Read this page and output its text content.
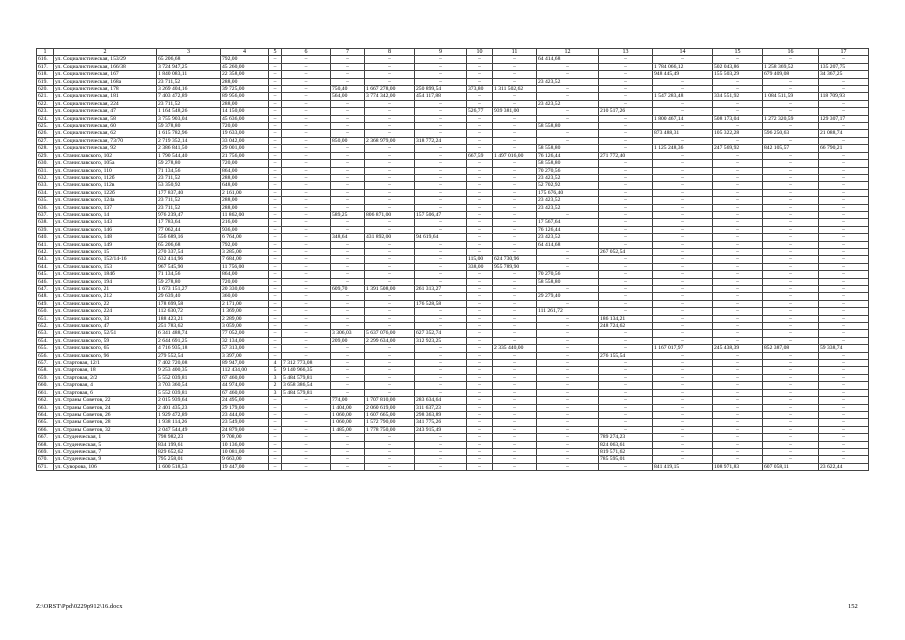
1	2	3	4	5	6	7	8	9	10	11	12	13	14	15	16	17
616.	ул. Социалистическая, 153/29	65 206,68	792,00	–	–	–	–	–	–	–	64 414,68	–	–	–	–	–
617.	ул. Социалистическая, 166/38	3 724 947,25	45 260,00	–	–	–	–	–	–	–	–	–	1 784 066,12	502 043,86	1 258 369,52	135 207,75
618.	ул. Социалистическая, 167	1 840 083,11	22 358,00	–	–	–	–	–	–	–	–	–	948 445,49	155 503,29	679 409,08	34 367,25
619.	ул. Социалистическая, 168а	23 711,52	288,00	–	–	–	–	–	–	–	23 423,52	–	–	–	–	–
620.	ул. Социалистическая, 178	3 269 404,16	39 725,00	–	–	750,40	1 667 278,00	250 899,54	373,80	1 311 502,62	–	–	–	–	–	–
621.	ул. Социалистическая, 181	7 403 472,89	89 956,00	–	–	564,00	3 774 342,00	454 117,88	–	–	–	–	1 547 283,48	334 551,92	1 084 511,59	118 709,93
622.	ул. Социалистическая, 224	23 711,52	288,00	–	–	–	–	–	–	–	23 423,52	–	–	–	–	–
623.	ул. Социалистическая, 47	1 164 548,26	14 150,00	–	–	–	–	–	526,77	939 381,00	–	210 517,26	–	–	–	–
624.	ул. Социалистическая, 58	3 755 903,04	45 636,00	–	–	–	–	–	–	–	–	–	1 800 467,14	508 173,04	1 272 320,59	129 307,17
625.	ул. Социалистическая, 60	59 378,80	720,00	–	–	–	–	–	–	–	58 558,80	–	–	–	–	–
626.	ул. Социалистическая, 62	1 615 782,96	19 633,00	–	–	–	–	–	–	–	–	–	873 488,31	105 322,28	596 250,63	21 088,74
627.	ул. Социалистическая, 73/70	2 719 352,14	33 042,00	–	–	850,00	2 368 979,00	318 772,24	–	–	–	–	–	–	–	–
628.	ул. Социалистическая, 92	2 386 841,50	29 001,00	–	–	–	–	–	–	–	58 558,80	–	1 125 248,36	247 569,92	842 105,57	66 790,21
629.	ул. Станиславского, 102	1 790 544,40	21 756,00	–	–	–	–	–	667,59	1 497 016,00	76 126,44	271 772,40	–	–	–	–
630.	ул. Станиславского, 105а	59 278,80	720,00	–	–	–	–	–	–	–	58 558,80	–	–	–	–	–
631.	ул. Станиславского, 110	71 134,56	864,00	–	–	–	–	–	–	–	70 270,56	–	–	–	–	–
632.	ул. Станиславского, 112б	23 711,52	288,00	–	–	–	–	–	–	–	23 423,52	–	–	–	–	–
633.	ул. Станиславского, 112в	53 350,92	648,00	–	–	–	–	–	–	–	52 702,92	–	–	–	–	–
634.	ул. Станиславского, 122б	177 837,40	2 161,00	–	–	–	–	–	–	–	175 676,40	–	–	–	–	–
635.	ул. Станиславского, 124а	23 711,52	288,00	–	–	–	–	–	–	–	23 423,52	–	–	–	–	–
636.	ул. Станиславского, 137	23 711,52	288,00	–	–	–	–	–	–	–	23 423,52	–	–	–	–	–
637.	ул. Станиславского, 14	976 239,47	11 862,00	–	–	589,25	806 871,00	157 506,47	–	–	–	–	–	–	–	–
638.	ул. Станиславского, 143	17 783,64	216,00	–	–	–	–	–	–	–	17 567,64	–	–	–	–	–
639.	ул. Станиславского, 146	77 062,44	936,00	–	–	–	–	–	–	–	76 126,44	–	–	–	–	–
640.	ул. Станиславского, 148	556 689,16	6 764,00	–	–	348,64	431 892,00	94 619,64	–	–	23 423,52	–	–	–	–	–
641.	ул. Станиславского, 149	65 206,68	792,00	–	–	–	–	–	–	–	64 414,68	–	–	–	–	–
642.	ул. Станиславского, 15	270 337,54	3 285,00	–	–	–	–	–	–	–	–	267 052,54	–	–	–	–
643.	ул. Станиславского, 152/14-16	632 414,96	7 684,00	–	–	–	–	–	115,00	624 730,96	–	–	–	–	–	–
644.	ул. Станиславского, 153	967 545,90	11 756,00	–	–	–	–	–	338,00	955 789,90	–	–	–	–	–	–
645.	ул. Станиславского, 184б	71 134,56	864,00	–	–	–	–	–	–	–	70 270,56	–	–	–	–	–
646.	ул. Станиславского, 194	59 278,80	720,00	–	–	–	–	–	–	–	58 558,80	–	–	–	–	–
647.	ул. Станиславского, 21	1 673 151,27	20 330,00	–	–	609,70	1 391 508,00	261 313,27	–	–	–	–	–	–	–	–
648.	ул. Станиславского, 212	29 639,40	360,00	–	–	–	–	–	–	–	29 279,40	–	–	–	–	–
649.	ул. Станиславского, 22	178 699,58	2 171,00	–	–	–	–	176 528,58	–	–	–	–	–	–	–	–
650.	ул. Станиславского, 224	112 630,72	1 369,00	–	–	–	–	–	–	–	111 261,72	–	–	–	–	–
651.	ул. Станиславского, 33	188 423,21	2 289,00	–	–	–	–	–	–	–	–	186 134,21	–	–	–	–
652.	ул. Станиславского, 47	251 783,62	3 059,00	–	–	–	–	–	–	–	–	248 724,62	–	–	–	–
653.	ул. Станиславского, 52/51	6 341 488,74	77 052,00	–	–	3 306,03	5 637 076,00	627 352,74	–	–	–	–	–	–	–	–
654.	ул. Станиславского, 59	2 644 691,25	32 134,00	–	–	209,00	2 299 634,00	312 923,25	–	–	–	–	–	–	–	–
655.	ул. Станиславского, 65	4 716 935,18	57 313,00	–	–	–	–	–	–	2 335 440,00	–	–	1 167 017,97	245 438,39	852 387,08	59 338,74
656.	ул. Станиславского, 96	279 552,54	3 397,00	–	–	–	–	–	–	–	–	276 155,54	–	–	–	–
657.	ул. Стартовая, 12/1	7 402 720,08	89 947,00	4	7 312 773,08	–	–	–	–	–	–	–	–	–	–	–
658.	ул. Стартовая, 18	9 253 400,35	112 434,00	5	9 140 966,35	–	–	–	–	–	–	–	–	–	–	–
659.	ул. Стартовая, 2/2	5 552 039,81	67 460,00	3	5 484 579,81	–	–	–	–	–	–	–	–	–	–	–
660.	ул. Стартовая, 4	3 703 360,54	44 974,00	2	3 658 386,54	–	–	–	–	–	–	–	–	–	–	–
661.	ул. Стартовая, 6	5 552 039,81	67 460,00	3	5 484 579,81	–	–	–	–	–	–	–	–	–	–	–
662.	ул. Страны Советов, 22	2 015 939,64	24 495,00	–	–	774,00	1 707 810,00	283 634,64	–	–	–	–	–	–	–	–
663.	ул. Страны Советов, 24	2 401 435,23	29 179,00	–	–	1 404,00	2 060 619,00	311 637,23	–	–	–	–	–	–	–	–
664.	ул. Страны Советов, 26	1 929 472,89	23 444,00	–	–	1 060,00	1 607 665,00	298 363,89	–	–	–	–	–	–	–	–
665.	ул. Страны Советов, 28	1 938 114,26	23 549,00	–	–	1 060,00	1 572 790,00	341 775,26	–	–	–	–	–	–	–	–
666.	ул. Страны Советов, 32	2 047 544,49	24 879,00	–	–	1 485,00	1 778 750,00	243 915,49	–	–	–	–	–	–	–	–
667.	ул. Студенческая, 1	798 982,23	9 708,00	–	–	–	–	–	–	–	–	789 274,23	–	–	–	–
668.	ул. Студенческая, 5	834 199,61	10 136,00	–	–	–	–	–	–	–	–	824 063,61	–	–	–	–
669.	ул. Студенческая, 7	829 652,62	10 081,00	–	–	–	–	–	–	–	–	819 571,62	–	–	–	–
670.	ул. Студенческая, 9	795 258,01	9 663,00	–	–	–	–	–	–	–	–	785 595,01	–	–	–	–
671.	ул. Суворова, 106	1 600 518,53	19 447,00	–	–	–	–	–	–	–	–	–	841 419,15	108 971,83	607 058,11	23 622,44
Z:\ORST\Ppd\0229p912\16.docx	152
